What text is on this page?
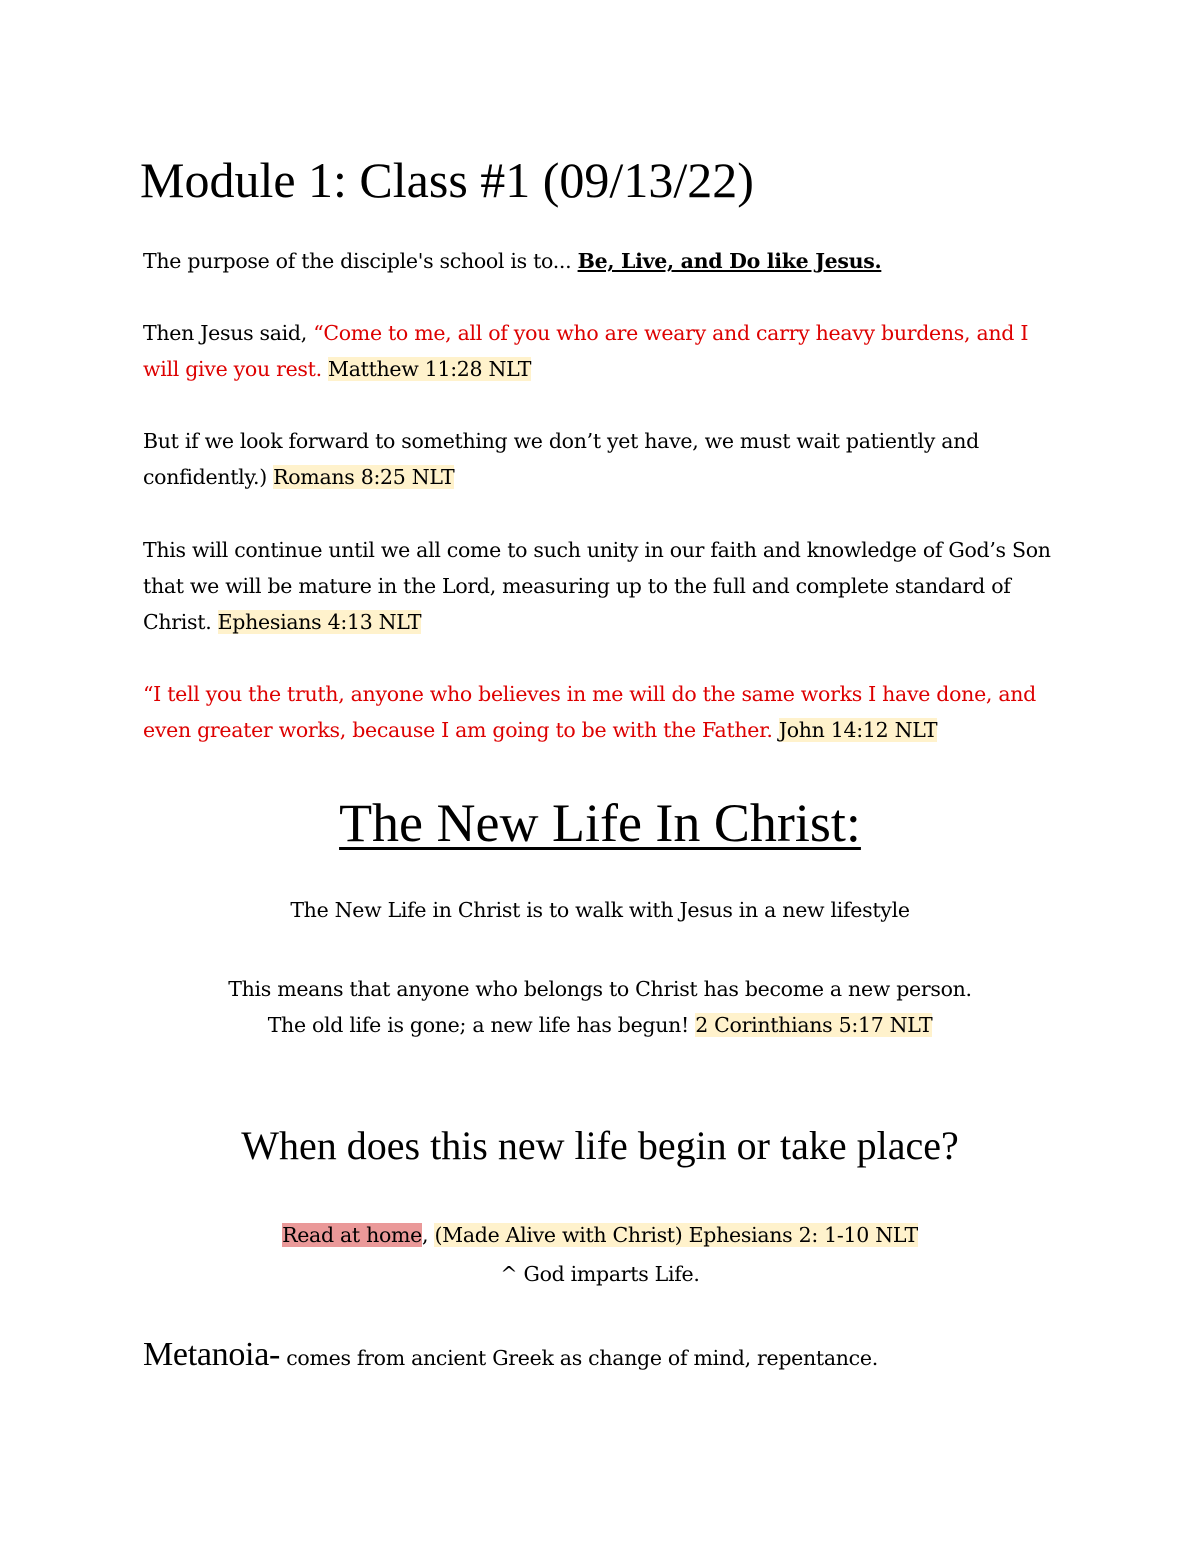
Module 1: Class #1 (09/13/22)
The purpose of the disciple's school is to... Be, Live, and Do like Jesus.
Then Jesus said, “Come to me, all of you who are weary and carry heavy burdens, and I will give you rest. Matthew 11:28 NLT
But if we look forward to something we don’t yet have, we must wait patiently and confidently.) Romans 8:25 NLT
This will continue until we all come to such unity in our faith and knowledge of God’s Son that we will be mature in the Lord, measuring up to the full and complete standard of Christ. Ephesians 4:13 NLT
“I tell you the truth, anyone who believes in me will do the same works I have done, and even greater works, because I am going to be with the Father. John 14:12 NLT
The New Life In Christ:
The New Life in Christ is to walk with Jesus in a new lifestyle
This means that anyone who belongs to Christ has become a new person.
The old life is gone; a new life has begun! 2 Corinthians 5:17 NLT
When does this new life begin or take place?
Read at home, (Made Alive with Christ) Ephesians 2: 1-10 NLT
^ God imparts Life.
Metanoia- comes from ancient Greek as change of mind, repentance.
